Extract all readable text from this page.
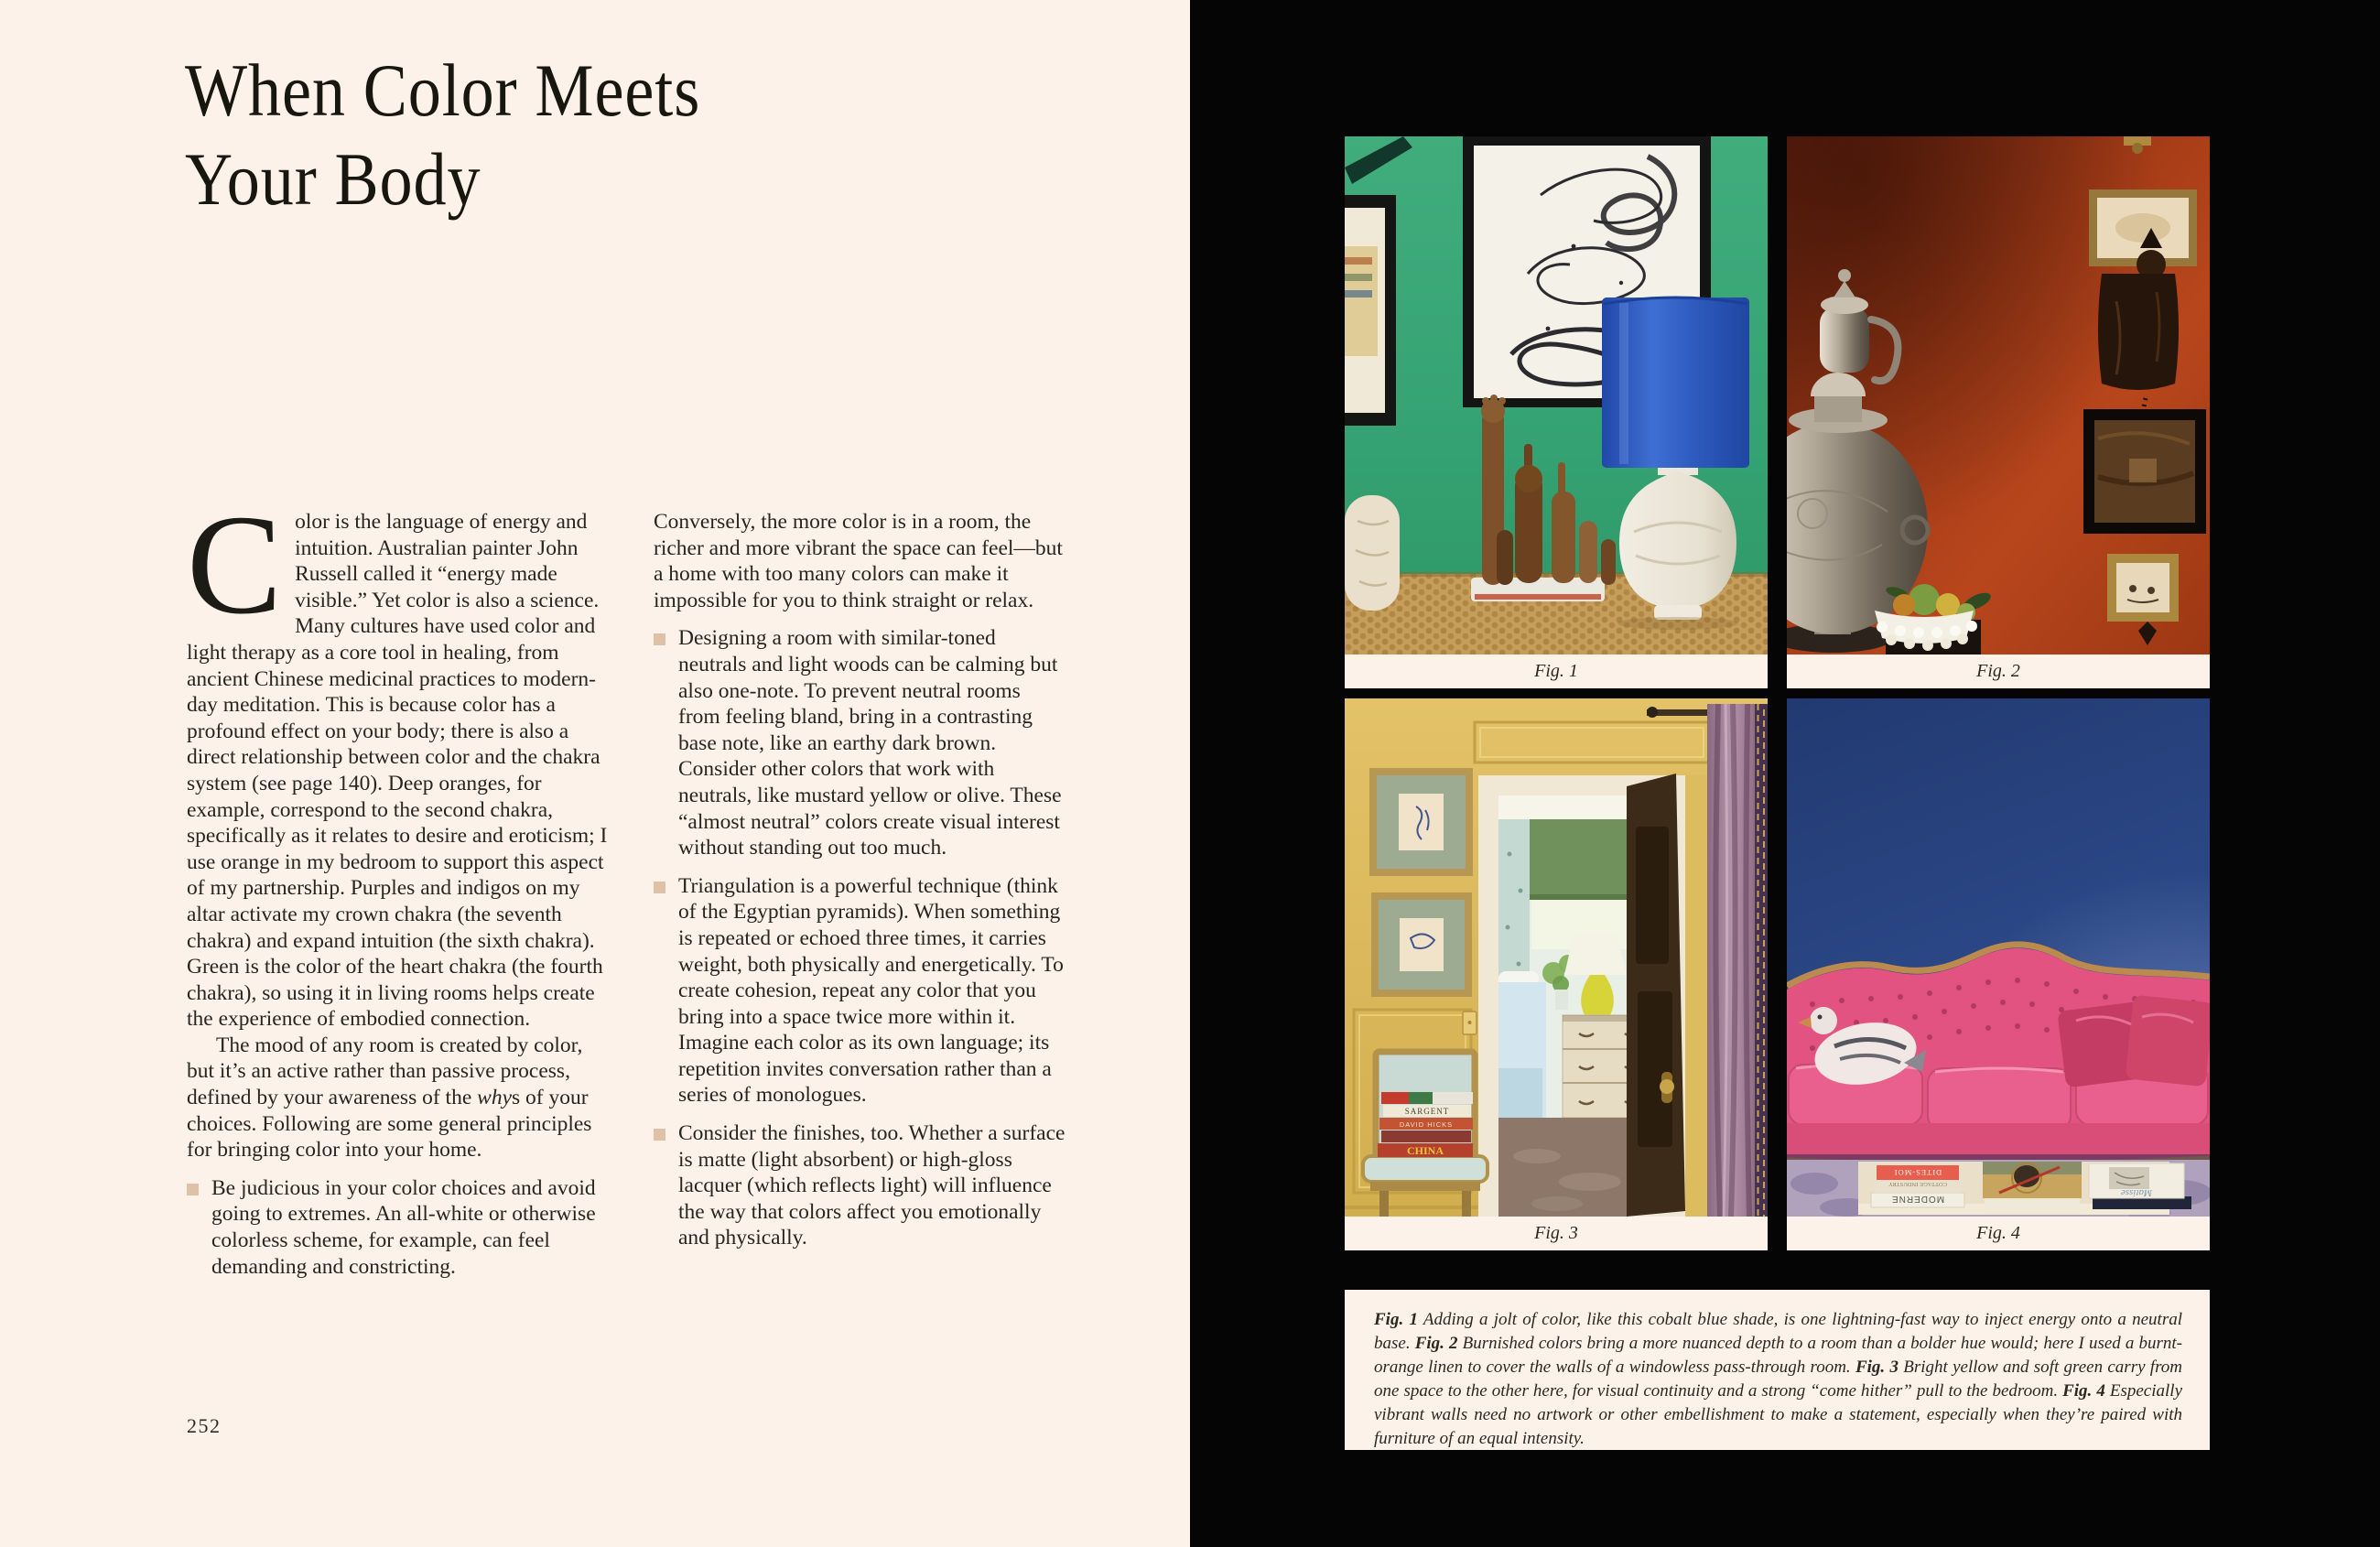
When Color Meets
Your Body

Color is the language of energy and intuition. Australian painter John Russell called it “energy made visible.” Yet color is also a science. Many cultures have used color and light therapy as a core tool in healing, from ancient Chinese medicinal practices to modern-day meditation. This is because color has a profound effect on your body; there is also a direct relationship between color and the chakra system (see page 140). Deep oranges, for example, correspond to the second chakra, specifically as it relates to desire and eroticism; I use orange in my bedroom to support this aspect of my partnership. Purples and indigos on my altar activate my crown chakra (the seventh chakra) and expand intuition (the sixth chakra). Green is the color of the heart chakra (the fourth chakra), so using it in living rooms helps create the experience of embodied connection.

The mood of any room is created by color, but it’s an active rather than passive process, defined by your awareness of the whys of your choices. Following are some general principles for bringing color into your home.

Be judicious in your color choices and avoid going to extremes. An all-white or otherwise colorless scheme, for example, can feel demanding and constricting.

Conversely, the more color is in a room, the richer and more vibrant the space can feel—but a home with too many colors can make it impossible for you to think straight or relax.

Designing a room with similar-toned neutrals and light woods can be calming but also one-note. To prevent neutral rooms from feeling bland, bring in a contrasting base note, like an earthy dark brown. Consider other colors that work with neutrals, like mustard yellow or olive. These “almost neutral” colors create visual interest without standing out too much.
Triangulation is a powerful technique (think of the Egyptian pyramids). When something is repeated or echoed three times, it carries weight, both physically and energetically. To create cohesion, repeat any color that you bring into a space twice more within it. Imagine each color as its own language; its repetition invites conversation rather than a series of monologues.
Consider the finishes, too. Whether a surface is matte (light absorbent) or high-gloss lacquer (which reflects light) will influence the way that colors affect you emotionally and physically.
252
Fig. 1	Fig. 2
SARGENT
DAVID HICKS
CHINA
Fig. 3
MODERNE
COTTAGE INDUSTRY
DITES-MOI
Matisse
Fig. 4
Fig. 1 Adding a jolt of color, like this cobalt blue shade, is one lightning-fast way to inject energy onto a neutral base. Fig. 2 Burnished colors bring a more nuanced depth to a room than a bolder hue would; here I used a burnt-orange linen to cover the walls of a windowless pass-through room. Fig. 3 Bright yellow and soft green carry from one space to the other here, for visual continuity and a strong “come hither” pull to the bedroom. Fig. 4 Especially vibrant walls need no artwork or other embellishment to make a statement, especially when they’re paired with furniture of an equal intensity.
